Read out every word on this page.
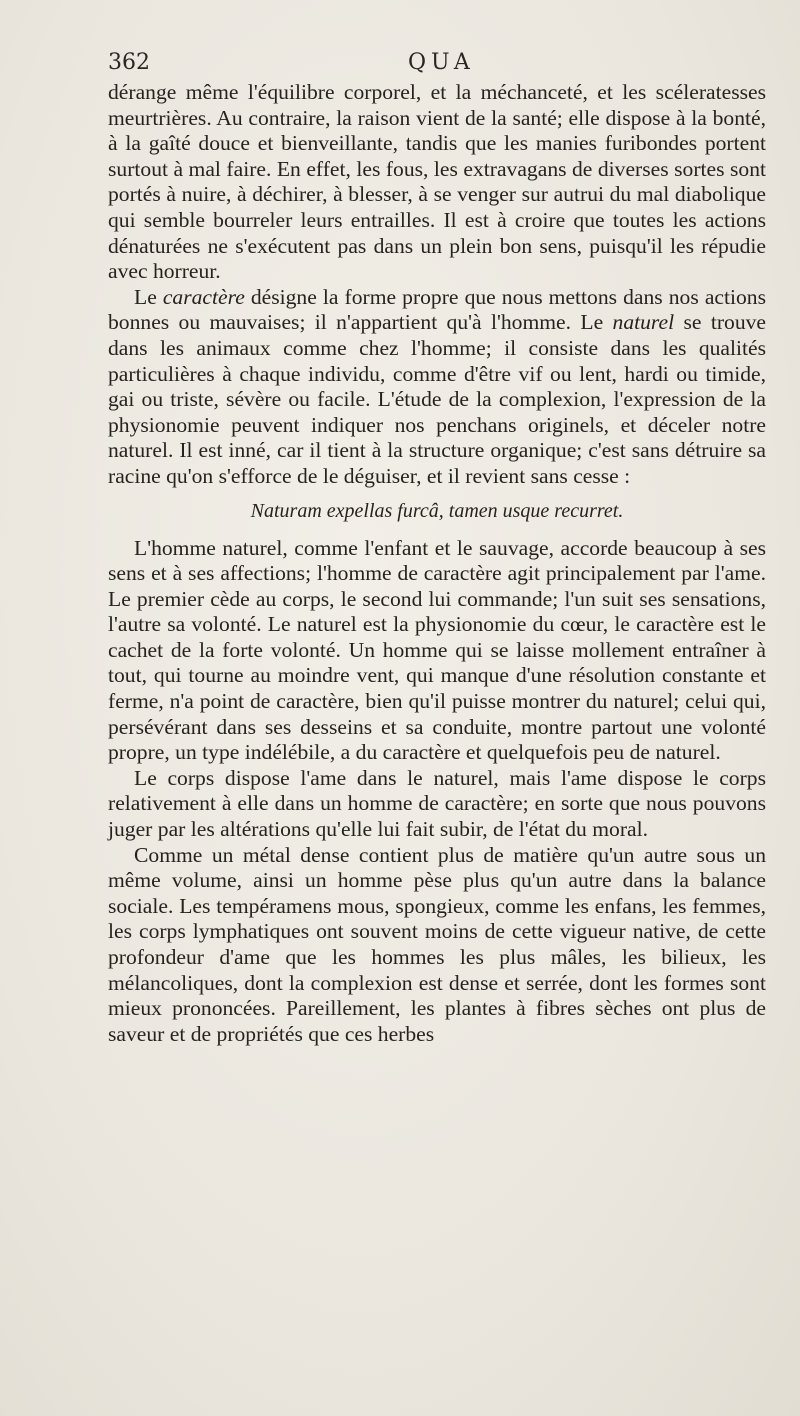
362	QUA

dérange même l'équilibre corporel, et la méchanceté, et les scéleratesses meurtrières. Au contraire, la raison vient de la santé; elle dispose à la bonté, à la gaîté douce et bienveillante, tandis que les manies furibondes portent surtout à mal faire. En effet, les fous, les extravagans de diverses sortes sont portés à nuire, à déchirer, à blesser, à se venger sur autrui du mal diabolique qui semble bourreler leurs entrailles. Il est à croire que toutes les actions dénaturées ne s'exécutent pas dans un plein bon sens, puisqu'il les répudie avec horreur.

Le caractère désigne la forme propre que nous mettons dans nos actions bonnes ou mauvaises; il n'appartient qu'à l'homme. Le naturel se trouve dans les animaux comme chez l'homme; il consiste dans les qualités particulières à chaque individu, comme d'être vif ou lent, hardi ou timide, gai ou triste, sévère ou facile. L'étude de la complexion, l'expression de la physionomie peuvent indiquer nos penchans originels, et déceler notre naturel. Il est inné, car il tient à la structure organique; c'est sans détruire sa racine qu'on s'efforce de le déguiser, et il revient sans cesse :

Naturam expellas furcâ, tamen usque recurret.

L'homme naturel, comme l'enfant et le sauvage, accorde beaucoup à ses sens et à ses affections; l'homme de caractère agit principalement par l'ame. Le premier cède au corps, le second lui commande; l'un suit ses sensations, l'autre sa volonté. Le naturel est la physionomie du cœur, le caractère est le cachet de la forte volonté. Un homme qui se laisse mollement entraîner à tout, qui tourne au moindre vent, qui manque d'une résolution constante et ferme, n'a point de caractère, bien qu'il puisse montrer du naturel; celui qui, persévérant dans ses desseins et sa conduite, montre partout une volonté propre, un type indélébile, a du caractère et quelquefois peu de naturel.

Le corps dispose l'ame dans le naturel, mais l'ame dispose le corps relativement à elle dans un homme de caractère; en sorte que nous pouvons juger par les altérations qu'elle lui fait subir, de l'état du moral.

Comme un métal dense contient plus de matière qu'un autre sous un même volume, ainsi un homme pèse plus qu'un autre dans la balance sociale. Les tempéramens mous, spongieux, comme les enfans, les femmes, les corps lymphatiques ont souvent moins de cette vigueur native, de cette profondeur d'ame que les hommes les plus mâles, les bilieux, les mélancoliques, dont la complexion est dense et serrée, dont les formes sont mieux prononcées. Pareillement, les plantes à fibres sèches ont plus de saveur et de propriétés que ces herbes
